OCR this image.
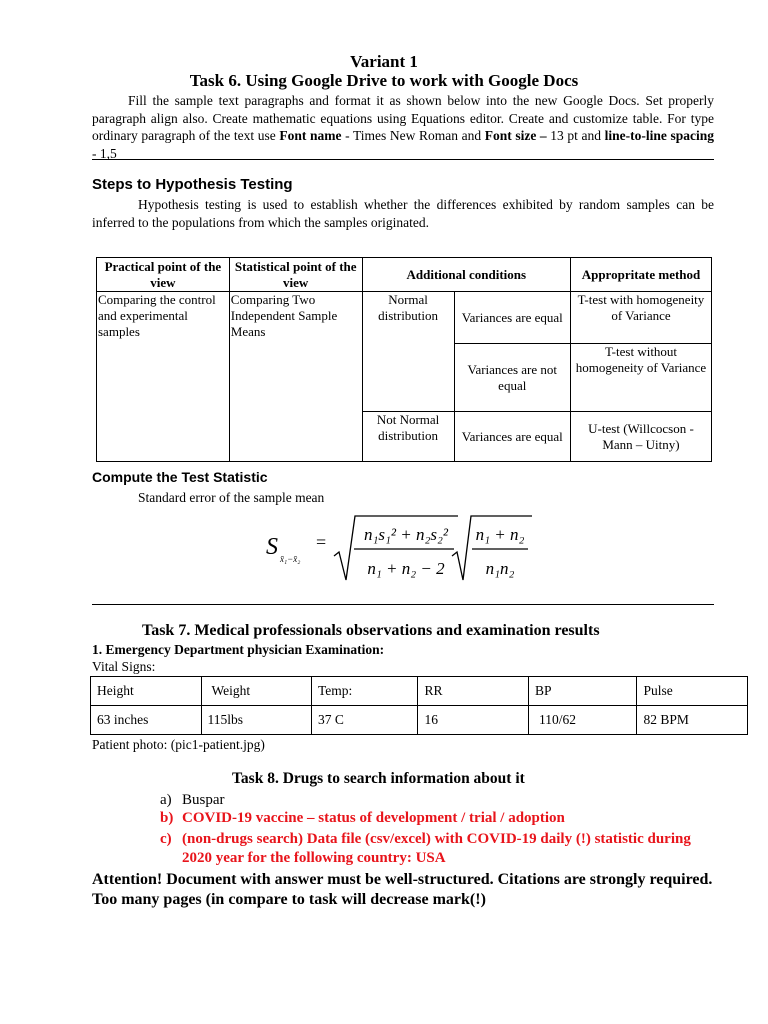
Variant 1
Task 6. Using Google Drive to work with Google Docs
Fill the sample text paragraphs and format it as shown below into the new Google Docs. Set properly paragraph align also. Create mathematic equations using Equations editor. Create and customize table. For type ordinary paragraph of the text use Font name - Times New Roman and Font size – 13 pt and line-to-line spacing - 1,5
Steps to Hypothesis Testing
Hypothesis testing is used to establish whether the differences exhibited by random samples can be inferred to the populations from which the samples originated.
Practical point of the view	Statistical point of the view	Additional conditions		Appropritate method
Comparing the control and experimental samples	Comparing Two Independent Sample Means	Normal distribution	Variances are equal	T-test with homogeneity of Variance
			Variances are not equal	T-test without homogeneity of Variance
		Not Normal distribution	Variances are equal	U-test (Willcocson - Mann – Uitny)
Compute the Test Statistic
Standard error of the sample mean
S x̄₁−x̄₂
= n₁s₁² + n₂s₂²
n₁ + n₂ − 2
n₁ + n₂
n₁n₂
Task 7. Medical professionals observations and examination results
1. Emergency Department physician Examination:
Vital Signs:
Height	Weight	Temp:	RR	BP	Pulse
63 inches	115lbs	37 C	16	110/62	82 BPM
Patient photo: (pic1-patient.jpg)
Task 8. Drugs to search information about it
a) Buspar
b) COVID-19 vaccine – status of development / trial / adoption
c) (non-drugs search) Data file (csv/excel) with COVID-19 daily (!) statistic during 2020 year for the following country: USA
Attention! Document with answer must be well-structured. Citations are strongly required. Too many pages (in compare to task will decrease mark(!)
